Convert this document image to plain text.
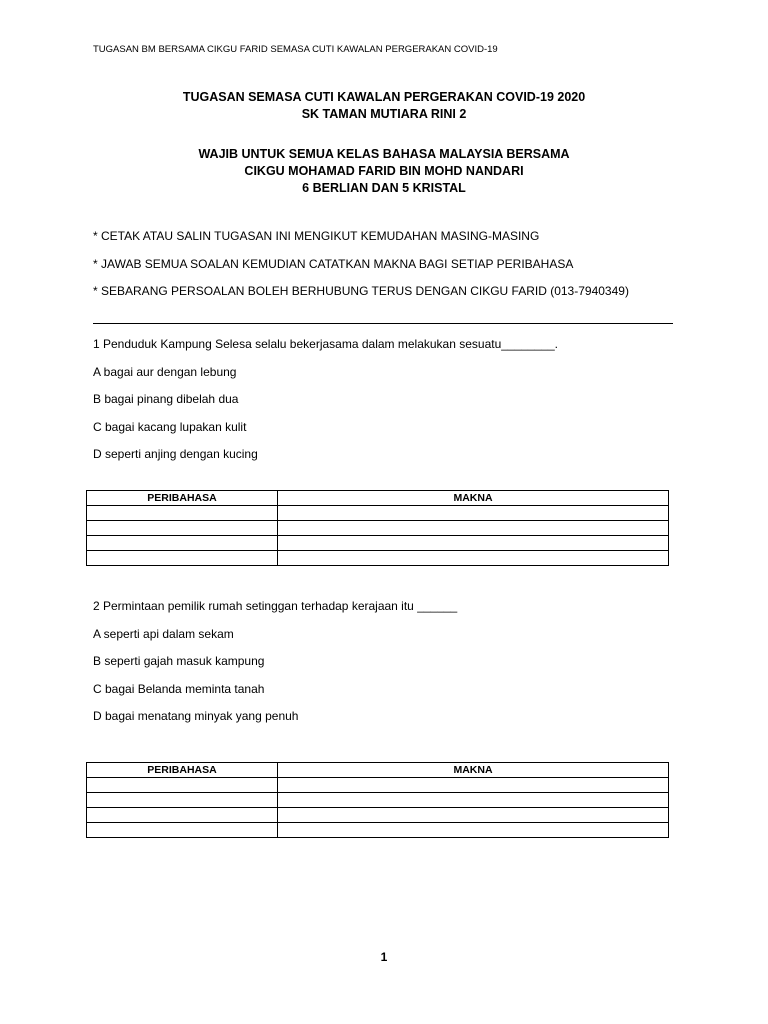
TUGASAN BM BERSAMA CIKGU FARID SEMASA CUTI KAWALAN PERGERAKAN COVID-19
TUGASAN SEMASA CUTI KAWALAN PERGERAKAN COVID-19 2020
SK TAMAN MUTIARA RINI 2
WAJIB UNTUK SEMUA KELAS BAHASA MALAYSIA BERSAMA
CIKGU MOHAMAD FARID BIN MOHD NANDARI
6 BERLIAN DAN 5 KRISTAL
* CETAK ATAU SALIN TUGASAN INI MENGIKUT KEMUDAHAN MASING-MASING
* JAWAB SEMUA SOALAN KEMUDIAN CATATKAN MAKNA BAGI SETIAP PERIBAHASA
* SEBARANG PERSOALAN BOLEH BERHUBUNG TERUS DENGAN CIKGU FARID (013-7940349)
1 Penduduk Kampung Selesa selalu bekerjasama dalam melakukan sesuatu________.
A bagai aur dengan lebung
B bagai pinang dibelah dua
C bagai kacang lupakan kulit
D seperti anjing dengan kucing
PERIBAHASA	MAKNA

2 Permintaan pemilik rumah setinggan terhadap kerajaan itu ______
A seperti api dalam sekam
B seperti gajah masuk kampung
C bagai Belanda meminta tanah
D bagai menatang minyak yang penuh
PERIBAHASA	MAKNA

1
